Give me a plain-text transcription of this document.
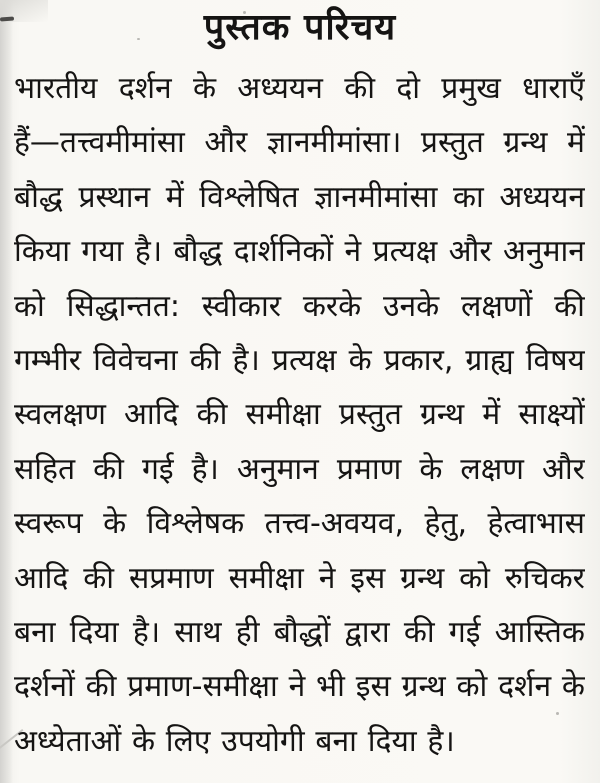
पुस्तक परिचय
भारतीय दर्शन के अध्ययन की दो प्रमुख धाराएँ
हैं—तत्त्वमीमांसा और ज्ञानमीमांसा। प्रस्तुत ग्रन्थ में
बौद्ध प्रस्थान में विश्लेषित ज्ञानमीमांसा का अध्ययन
किया गया है। बौद्ध दार्शनिकों ने प्रत्यक्ष और अनुमान
को सिद्धान्तत: स्वीकार करके उनके लक्षणों की
गम्भीर विवेचना की है। प्रत्यक्ष के प्रकार, ग्राह्य विषय
स्वलक्षण आदि की समीक्षा प्रस्तुत ग्रन्थ में साक्ष्यों
सहित की गई है। अनुमान प्रमाण के लक्षण और
स्वरूप के विश्लेषक तत्त्व-अवयव, हेतु, हेत्वाभास
आदि की सप्रमाण समीक्षा ने इस ग्रन्थ को रुचिकर
बना दिया है। साथ ही बौद्धों द्वारा की गई आस्तिक
दर्शनों की प्रमाण-समीक्षा ने भी इस ग्रन्थ को दर्शन के
अध्येताओं के लिए उपयोगी बना दिया है।
